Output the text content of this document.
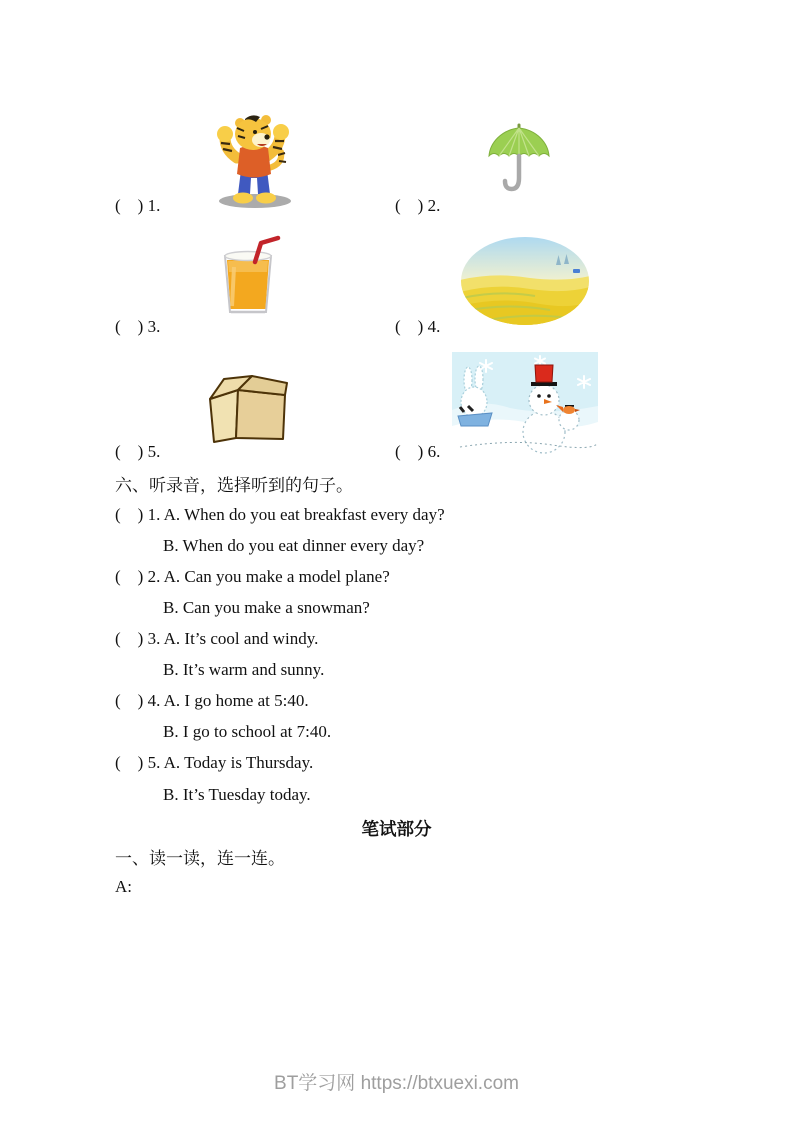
(    ) 1.	(    ) 2.
(    ) 3.	(    ) 4.
(    ) 5.	(    ) 6.
六、听录音，选择听到的句子。
(    ) 1. A. When do you eat breakfast every day?
B. When do you eat dinner every day?
(    ) 2. A. Can you make a model plane?
B. Can you make a snowman?
(    ) 3. A. It’s cool and windy.
B. It’s warm and sunny.
(    ) 4. A. I go home at 5:40.
B. I go to school at 7:40.
(    ) 5. A. Today is Thursday.
B. It’s Tuesday today.
笔试部分
一、读一读，连一连。
A:
BT学习网 https://btxuexi.com
